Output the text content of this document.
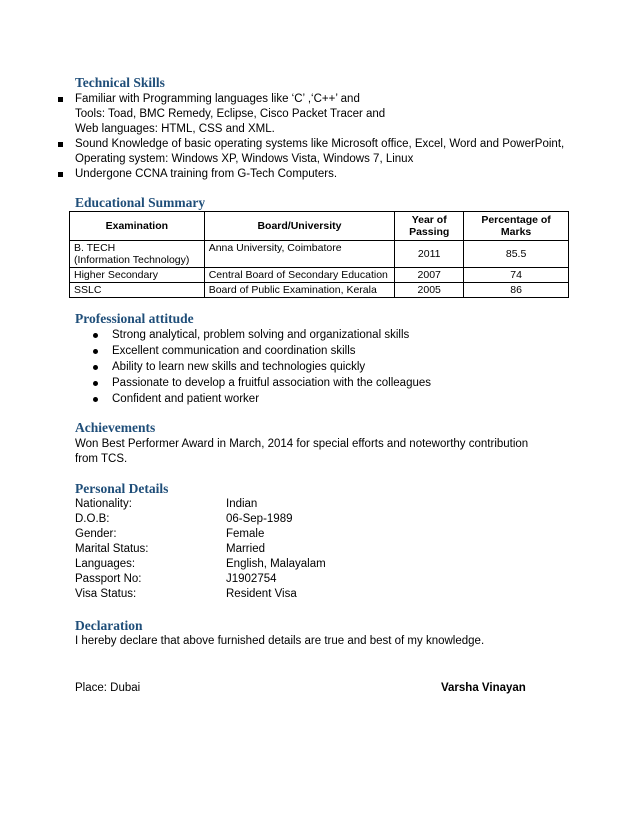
Technical Skills
Familiar with Programming languages like ‘C’ ,‘C++’ and
Tools: Toad, BMC Remedy, Eclipse, Cisco Packet Tracer and
Web languages: HTML, CSS and XML.
Sound Knowledge of basic operating systems like Microsoft office, Excel, Word and PowerPoint,
Operating system: Windows XP, Windows Vista, Windows 7, Linux
Undergone CCNA training from G-Tech Computers.
Educational Summary
Examination	Board/University	Year of Passing	Percentage of Marks

B. TECH
(Information Technology)	Anna University, Coimbatore	2011	85.5
Higher Secondary	Central Board of Secondary Education	2007	74
SSLC	Board of Public Examination, Kerala	2005	86
Professional attitude
Strong analytical, problem solving and organizational skills
Excellent communication and coordination skills
Ability to learn new skills and technologies quickly
Passionate to develop a fruitful association with the colleagues
Confident and patient worker
Achievements
Won Best Performer Award in March, 2014 for special efforts and noteworthy contribution
from TCS.
Personal Details
Nationality:	Indian
D.O.B:	06-Sep-1989
Gender:	Female
Marital Status:	Married
Languages:	English, Malayalam
Passport No:	J1902754
Visa Status:	Resident Visa
Declaration
I hereby declare that above furnished details are true and best of my knowledge.
Place: Dubai	Varsha Vinayan
